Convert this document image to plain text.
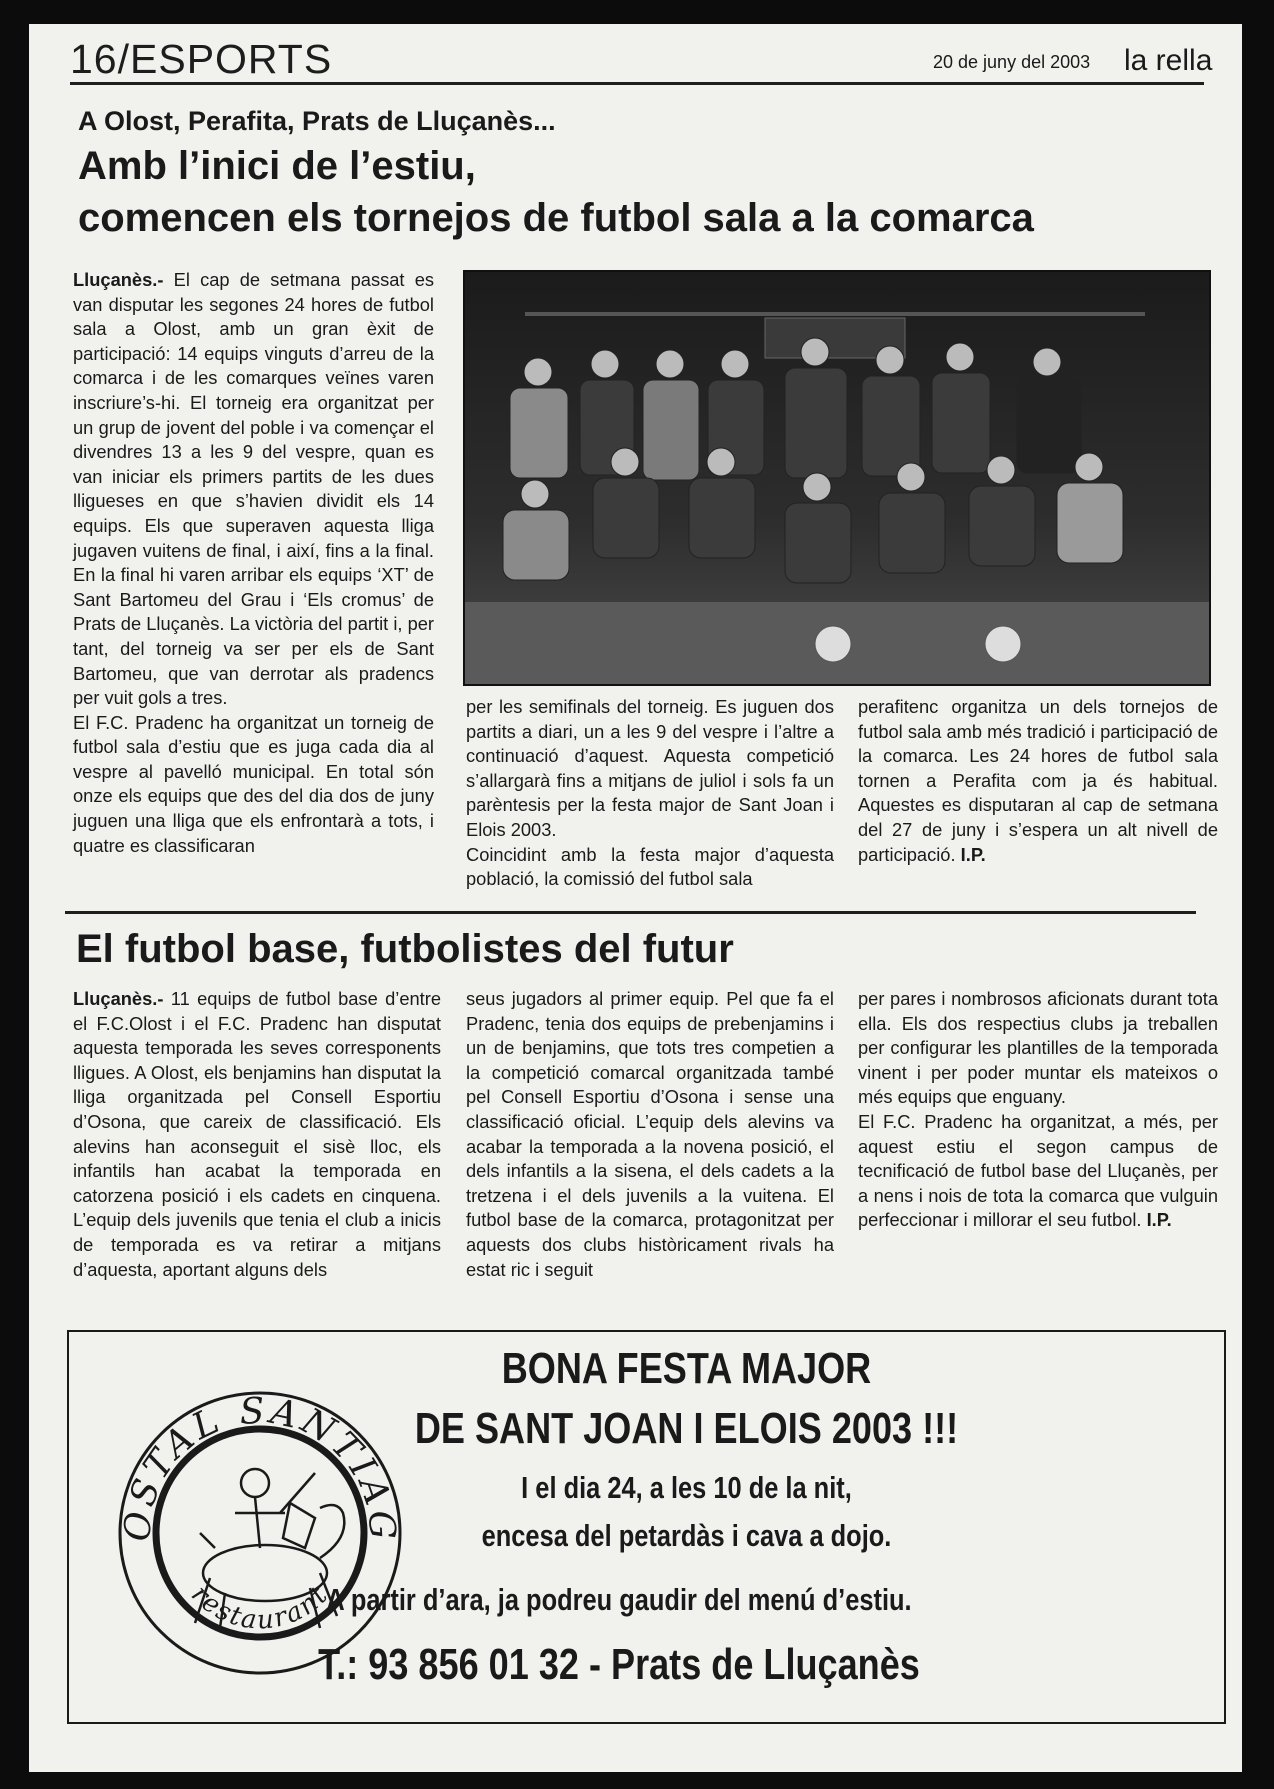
16/ESPORTS	20 de juny del 2003 la rella
A Olost, Perafita, Prats de Lluçanès...
Amb l’inici de l’estiu,
comencen els tornejos de futbol sala a la comarca

Lluçanès.- El cap de setmana passat es van disputar les segones 24 hores de futbol sala a Olost, amb un gran èxit de participació: 14 equips vinguts d’arreu de la comarca i de les comarques veïnes varen inscriure’s-hi. El torneig era organitzat per un grup de jovent del poble i va començar el divendres 13 a les 9 del vespre, quan es van iniciar els primers partits de les dues lligueses en que s’havien dividit els 14 equips. Els que superaven aquesta lliga jugaven vuitens de final, i així, fins a la final. En la final hi varen arribar els equips ‘XT’ de Sant Bartomeu del Grau i ‘Els cromus’ de Prats de Lluçanès. La victòria del partit i, per tant, del torneig va ser per els de Sant Bartomeu, que van derrotar als pradencs per vuit gols a tres.

El F.C. Pradenc ha organitzat un torneig de futbol sala d’estiu que es juga cada dia al vespre al pavelló municipal. En total són onze els equips que des del dia dos de juny juguen una lliga que els enfrontarà a tots, i quatre es classificaran

per les semifinals del torneig. Es juguen dos partits a diari, un a les 9 del vespre i l’altre a continuació d’aquest. Aquesta competició s’allargarà fins a mitjans de juliol i sols fa un parèntesis per la festa major de Sant Joan i Elois 2003.

Coincidint amb la festa major d’aquesta població, la comissió del futbol sala

perafitenc organitza un dels tornejos de futbol sala amb més tradició i participació de la comarca. Les 24 hores de futbol sala tornen a Perafita com ja és habitual. Aquestes es disputaran al cap de setmana del 27 de juny i s’espera un alt nivell de participació. I.P.

El futbol base, futbolistes del futur

Lluçanès.- 11 equips de futbol base d’entre el F.C.Olost i el F.C. Pradenc han disputat aquesta temporada les seves corresponents lligues. A Olost, els benjamins han disputat la lliga organitzada pel Consell Esportiu d’Osona, que careix de classificació. Els alevins han aconseguit el sisè lloc, els infantils han acabat la temporada en catorzena posició i els cadets en cinquena. L’equip dels juvenils que tenia el club a inicis de temporada es va retirar a mitjans d’aquesta, aportant alguns dels

seus jugadors al primer equip. Pel que fa el Pradenc, tenia dos equips de prebenjamins i un de benjamins, que tots tres competien a la competició comarcal organitzada també pel Consell Esportiu d’Osona i sense una classificació oficial. L’equip dels alevins va acabar la temporada a la novena posició, el dels infantils a la sisena, el dels cadets a la tretzena i el dels juvenils a la vuitena. El futbol base de la comarca, protagonitzat per aquests dos clubs històricament rivals ha estat ric i seguit

per pares i nombrosos aficionats durant tota ella. Els dos respectius clubs ja treballen per configurar les plantilles de la temporada vinent i per poder muntar els mateixos o més equips que enguany.

El F.C. Pradenc ha organitzat, a més, per aquest estiu el segon campus de tecnificació de futbol base del Lluçanès, per a nens i nois de tota la comarca que vulguin perfeccionar i millorar el seu futbol. I.P.

OSTAL SANTIAG
restaurant
BONA FESTA MAJOR
DE SANT JOAN I ELOIS 2003 !!!
I el dia 24, a les 10 de la nit,
encesa del petardàs i cava a dojo.
A partir d’ara, ja podreu gaudir del menú d’estiu.
T.: 93 856 01 32 - Prats de Lluçanès
